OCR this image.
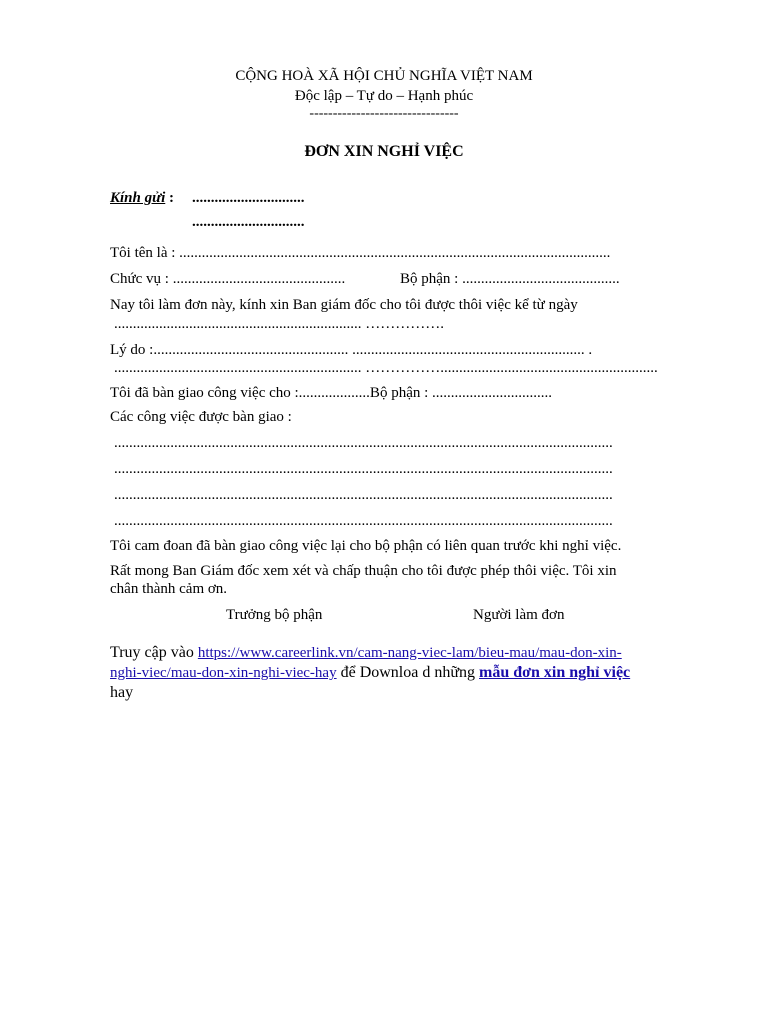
CỘNG HOÀ XÃ HỘI CHỦ NGHĨA VIỆT NAM
Độc lập – Tự do – Hạnh phúc
--------------------------------
ĐƠN XIN NGHỈ VIỆC
Kính gửi : ..............................
..............................
Tôi tên là : ...................................................................................................................
Chức vụ : ..............................................	Bộ phận : ..........................................
Nay tôi làm đơn này, kính xin Ban giám đốc cho tôi được thôi việc kể từ ngày
.................................................................. …………….
Lý do :.................................................... .............................................................. .
.................................................................. ……………..........................................................
Tôi đã bàn giao công việc cho :...................Bộ phận : ................................
Các công việc được bàn giao :
.....................................................................................................................................
.....................................................................................................................................
.....................................................................................................................................
.....................................................................................................................................
Tôi cam đoan đã bàn giao công việc lại cho bộ phận có liên quan trước khi nghỉ việc.
Rất mong Ban Giám đốc xem xét và chấp thuận cho tôi được phép thôi việc. Tôi xin
chân thành cảm ơn.
Trưởng bộ phận	Người làm đơn
Truy cập vào https://www.careerlink.vn/cam-nang-viec-lam/bieu-mau/mau-don-xin-
nghi-viec/mau-don-xin-nghi-viec-hay để Downloa d những mẫu đơn xin nghỉ việc
hay
